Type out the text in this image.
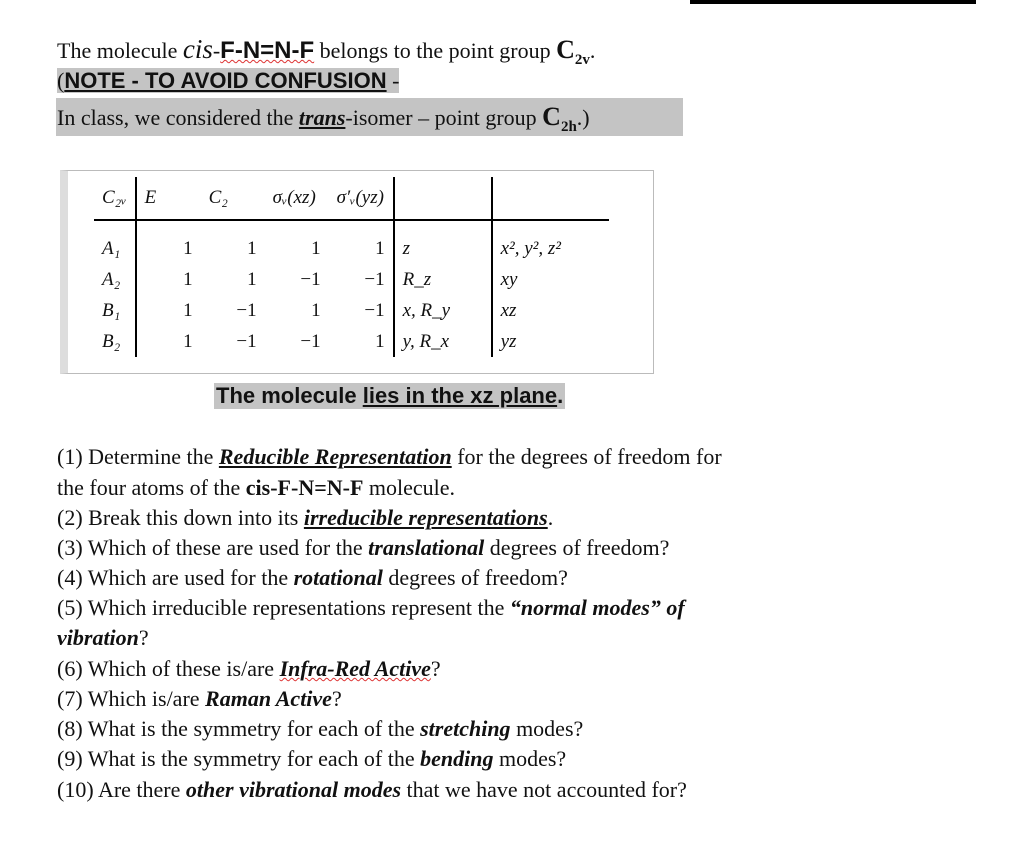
The molecule cis-F-N=N-F belongs to the point group $C_{2v}$.
(NOTE - TO AVOID CONFUSION -
In class, we considered the trans-isomer – point group $C_{2h}$.)
C₂ᵥ	E	C₂	σᵥ(xz)	σ′ᵥ(yz)		

A₁	1	1	1	1	z	x², y², z²
A₂	1	1	−1	−1	R_z	xy
B₁	1	−1	1	−1	x, R_y	xz
B₂	1	−1	−1	1	y, R_x	yz
The molecule lies in the xz plane.
(1) Determine the Reducible Representation for the degrees of freedom for
the four atoms of the cis-F-N=N-F molecule.
(2) Break this down into its irreducible representations.
(3) Which of these are used for the translational degrees of freedom?
(4) Which are used for the rotational degrees of freedom?
(5) Which irreducible representations represent the “normal modes” of
vibration?
(6) Which of these is/are Infra-Red Active?
(7) Which is/are Raman Active?
(8) What is the symmetry for each of the stretching modes?
(9) What is the symmetry for each of the bending modes?
(10) Are there other vibrational modes that we have not accounted for?
